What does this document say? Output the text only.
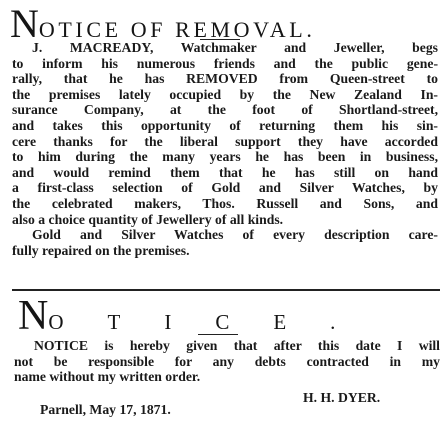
NOTICE OF REMOVAL.
J. MACREADY, Watchmaker and Jeweller, begs
to inform his numerous friends and the public gene-
rally, that he has REMOVED from Queen-street to
the premises lately occupied by the New Zealand In-
surance Company, at the foot of Shortland-street,
and takes this opportunity of returning them his sin-
cere thanks for the liberal support they have accorded
to him during the many years he has been in business,
and would remind them that he has still on hand
a first-class selection of Gold and Silver Watches, by
the celebrated makers, Thos. Russell and Sons, and
also a choice quantity of Jewellery of all kinds.
Gold and Silver Watches of every description care-
fully repaired on the premises.
NOTICE.
NOTICE is hereby given that after this date I will
not be responsible for any debts contracted in my
name without my written order.
H. H. DYER.
Parnell, May 17, 1871.
